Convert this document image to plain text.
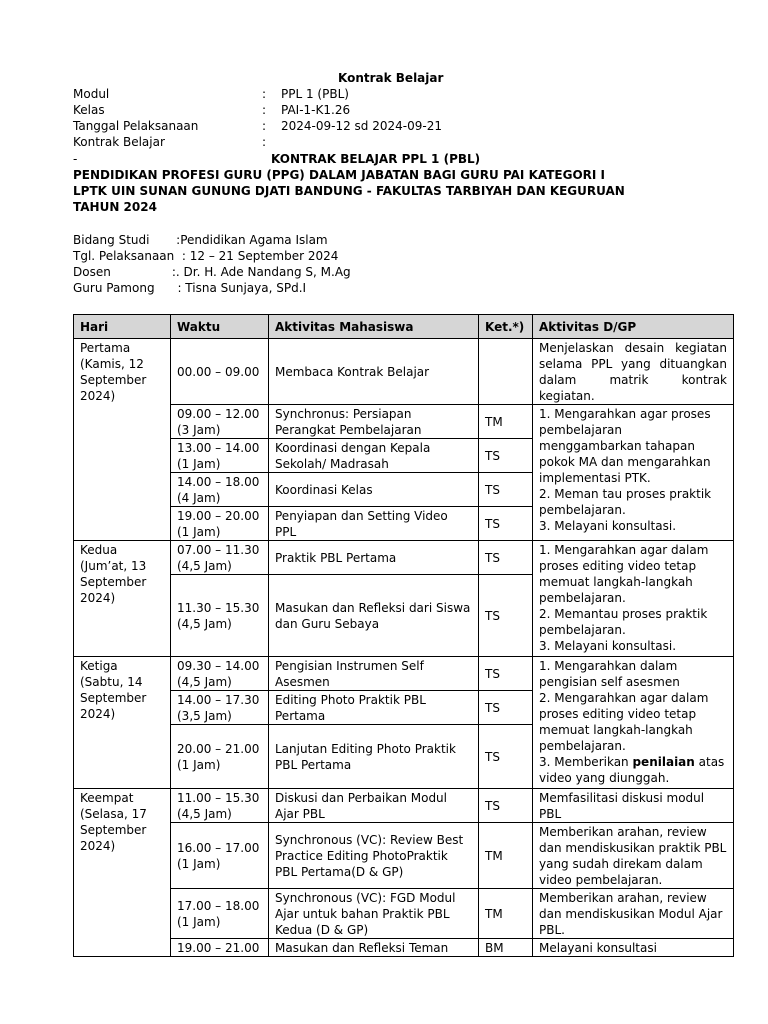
Kontrak Belajar
Modul	: PPL 1 (PBL)
Kelas	: PAI-1-K1.26
Tanggal Pelaksanaan	: 2024-09-12 sd 2024-09-21
Kontrak Belajar	:
-	KONTRAK BELAJAR PPL 1 (PBL)
PENDIDIKAN PROFESI GURU (PPG) DALAM JABATAN BAGI GURU PAI KATEGORI I
LPTK UIN SUNAN GUNUNG DJATI BANDUNG - FAKULTAS TARBIYAH DAN KEGURUAN
TAHUN 2024
Bidang Studi       :Pendidikan Agama Islam
Tgl. Pelaksanaan  : 12 – 21 September 2024
Dosen                :. Dr. H. Ade Nandang S, M.Ag
Guru Pamong      : Tisna Sunjaya, SPd.I
Hari	Waktu	Aktivitas Mahasiswa	Ket.*)	Aktivitas D/GP
Pertama
(Kamis, 12
September
2024)	00.00 – 09.00	Membaca Kontrak Belajar		Menjelaskan desain kegiatan selama PPL yang dituangkan dalam matrik kontrak kegiatan.
	09.00 – 12.00
(3 Jam)	Synchronus: Persiapan Perangkat Pembelajaran	TM	1. Mengarahkan agar proses pembelajaran menggambarkan tahapan pokok MA dan mengarahkan implementasi PTK.
2. Meman tau proses praktik pembelajaran.
3. Melayani konsultasi.
	13.00 – 14.00
(1 Jam)	Koordinasi dengan Kepala Sekolah/ Madrasah	TS	
	14.00 – 18.00
(4 Jam)	Koordinasi Kelas	TS	
	19.00 – 20.00
(1 Jam)	Penyiapan dan Setting Video PPL	TS	
Kedua
(Jum’at, 13
September
2024)	07.00 – 11.30
(4,5 Jam)	Praktik PBL Pertama	TS	1. Mengarahkan agar dalam proses editing video tetap memuat langkah-langkah pembelajaran.
2. Memantau proses praktik pembelajaran.
3. Melayani konsultasi.
	11.30 – 15.30
(4,5 Jam)	Masukan dan Refleksi dari Siswa dan Guru Sebaya	TS	
Ketiga
(Sabtu, 14
September
2024)	09.30 – 14.00
(4,5 Jam)	Pengisian Instrumen Self Asesmen	TS	1. Mengarahkan dalam pengisian self asesmen
2. Mengarahkan agar dalam proses editing video tetap memuat langkah-langkah pembelajaran.
3. Memberikan penilaian atas video yang diunggah.
	14.00 – 17.30
(3,5 Jam)	Editing Photo Praktik PBL Pertama	TS	
	20.00 – 21.00
(1 Jam)	Lanjutan Editing Photo Praktik PBL Pertama	TS	
Keempat
(Selasa, 17
September
2024)	11.00 – 15.30
(4,5 Jam)	Diskusi dan Perbaikan Modul Ajar PBL	TS	Memfasilitasi diskusi modul PBL
	16.00 – 17.00
(1 Jam)	Synchronous (VC): Review Best Practice Editing PhotoPraktik PBL Pertama(D & GP)	TM	Memberikan arahan, review dan mendiskusikan praktik PBL yang sudah direkam dalam video pembelajaran.
	17.00 – 18.00
(1 Jam)	Synchronous (VC): FGD Modul Ajar untuk bahan Praktik PBL Kedua (D & GP)	TM	Memberikan arahan, review dan mendiskusikan Modul Ajar PBL.
	19.00 – 21.00	Masukan dan Refleksi Teman	BM	Melayani konsultasi
